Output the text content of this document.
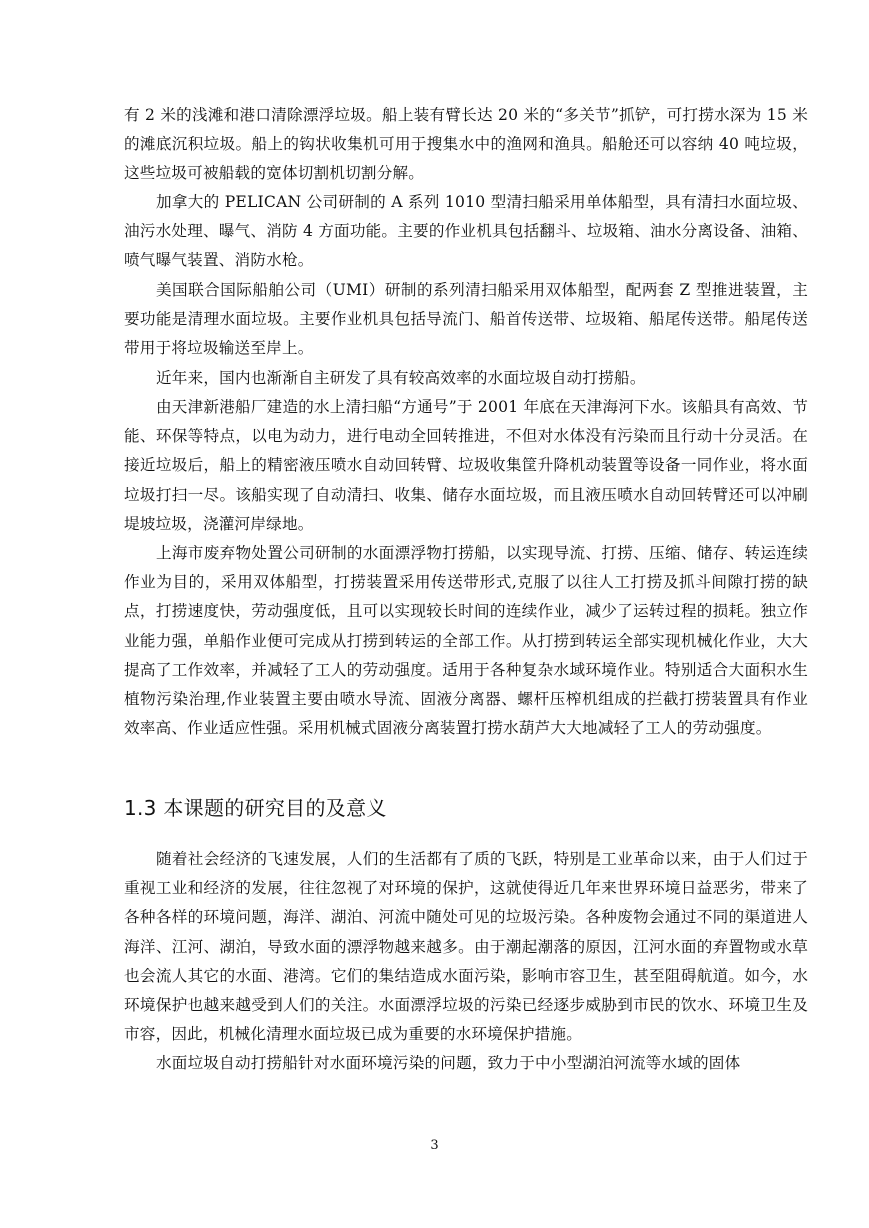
有 2 米的浅滩和港口清除漂浮垃圾。船上装有臂长达 20 米的“多关节”抓铲，可打捞水深为 15 米的滩底沉积垃圾。船上的钩状收集机可用于搜集水中的渔网和渔具。船舱还可以容纳 40 吨垃圾，这些垃圾可被船载的宽体切割机切割分解。
加拿大的 PELICAN 公司研制的 A 系列 1010 型清扫船采用单体船型，具有清扫水面垃圾、油污水处理、曝气、消防 4 方面功能。主要的作业机具包括翻斗、垃圾箱、油水分离设备、油箱、喷气曝气装置、消防水枪。
美国联合国际船舶公司（UMI）研制的系列清扫船采用双体船型，配两套 Z 型推进装置，主要功能是清理水面垃圾。主要作业机具包括导流门、船首传送带、垃圾箱、船尾传送带。船尾传送带用于将垃圾输送至岸上。
近年来，国内也渐渐自主研发了具有较高效率的水面垃圾自动打捞船。
由天津新港船厂建造的水上清扫船“方通号”于 2001 年底在天津海河下水。该船具有高效、节能、环保等特点，以电为动力，进行电动全回转推进，不但对水体没有污染而且行动十分灵活。在接近垃圾后，船上的精密液压喷水自动回转臂、垃圾收集筐升降机动装置等设备一同作业，将水面垃圾打扫一尽。该船实现了自动清扫、收集、储存水面垃圾，而且液压喷水自动回转臂还可以冲刷堤坡垃圾，浇灌河岸绿地。
上海市废弃物处置公司研制的水面漂浮物打捞船，以实现导流、打捞、压缩、储存、转运连续作业为目的，采用双体船型，打捞装置采用传送带形式,克服了以往人工打捞及抓斗间隙打捞的缺点，打捞速度快，劳动强度低，且可以实现较长时间的连续作业，减少了运转过程的损耗。独立作业能力强，单船作业便可完成从打捞到转运的全部工作。从打捞到转运全部实现机械化作业，大大提高了工作效率，并减轻了工人的劳动强度。适用于各种复杂水域环境作业。特别适合大面积水生植物污染治理,作业装置主要由喷水导流、固液分离器、螺杆压榨机组成的拦截打捞装置具有作业效率高、作业适应性强。采用机械式固液分离装置打捞水葫芦大大地减轻了工人的劳动强度。
1.3 本课题的研究目的及意义
随着社会经济的飞速发展，人们的生活都有了质的飞跃，特别是工业革命以来，由于人们过于重视工业和经济的发展，往往忽视了对环境的保护，这就使得近几年来世界环境日益恶劣，带来了各种各样的环境问题，海洋、湖泊、河流中随处可见的垃圾污染。各种废物会通过不同的渠道进人海洋、江河、湖泊，导致水面的漂浮物越来越多。由于潮起潮落的原因，江河水面的弃置物或水草也会流人其它的水面、港湾。它们的集结造成水面污染，影响市容卫生，甚至阻碍航道。如今，水环境保护也越来越受到人们的关注。水面漂浮垃圾的污染已经逐步威胁到市民的饮水、环境卫生及市容，因此，机械化清理水面垃圾已成为重要的水环境保护措施。
水面垃圾自动打捞船针对水面环境污染的问题，致力于中小型湖泊河流等水域的固体
3
